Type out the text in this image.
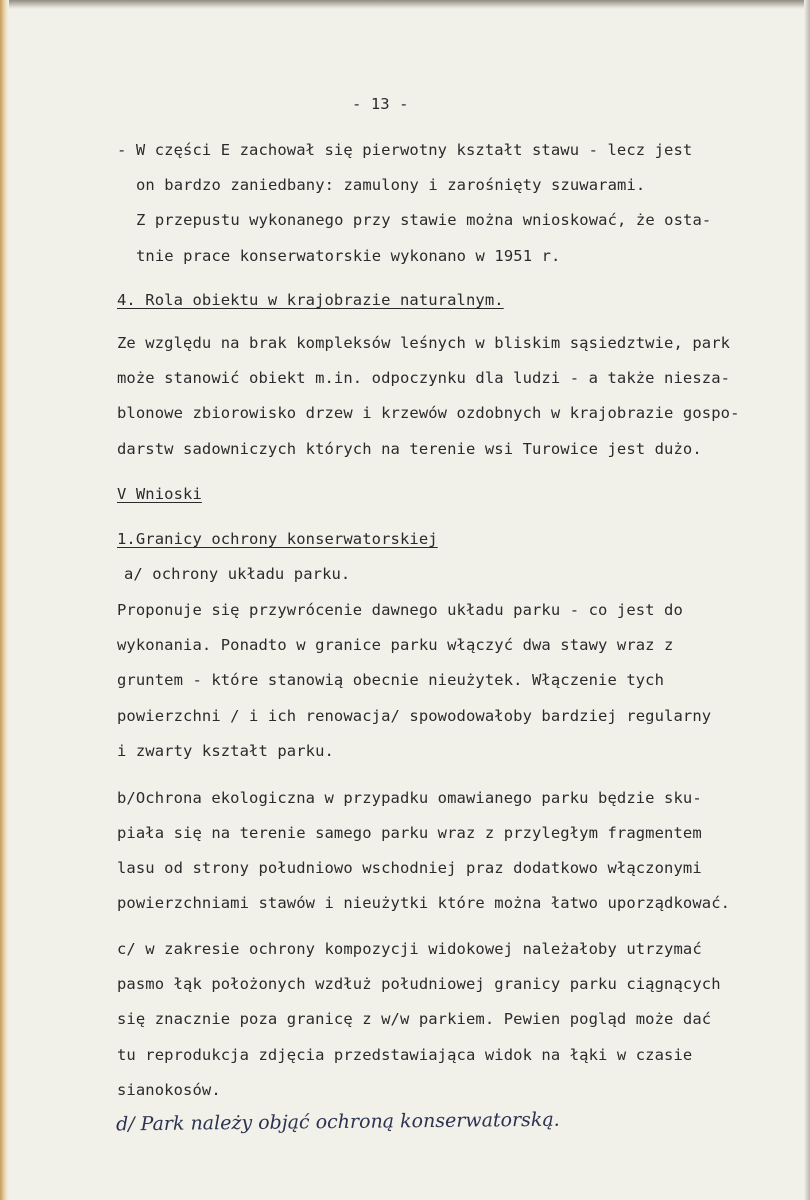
- 13 -
- W części E zachował się pierwotny kształt stawu - lecz jest
on bardzo zaniedbany: zamulony i zarośnięty szuwarami.
Z przepustu wykonanego przy stawie można wnioskować, że osta-
tnie prace konserwatorskie wykonano w 1951 r.
4. Rola obiektu w krajobrazie naturalnym.
Ze względu na brak kompleksów leśnych w bliskim sąsiedztwie, park
może stanowić obiekt m.in. odpoczynku dla ludzi - a także niesza-
blonowe zbiorowisko drzew i krzewów ozdobnych w krajobrazie gospo-
darstw sadowniczych których na terenie wsi Turowice jest dużo.
V Wnioski
1.Granicy ochrony konserwatorskiej
a/ ochrony układu parku.
Proponuje się przywrócenie dawnego układu parku - co jest do
wykonania. Ponadto w granice parku włączyć dwa stawy wraz z
gruntem - które stanowią obecnie nieużytek. Włączenie tych
powierzchni / i ich renowacja/ spowodowałoby bardziej regularny
i zwarty kształt parku.
b/Ochrona ekologiczna w przypadku omawianego parku będzie sku-
piała się na terenie samego parku wraz z przyległym fragmentem
lasu od strony południowo wschodniej praz dodatkowo włączonymi
powierzchniami stawów i nieużytki które można łatwo uporządkować.
c/ w zakresie ochrony kompozycji widokowej należałoby utrzymać
pasmo łąk położonych wzdłuż południowej granicy parku ciągnących
się znacznie poza granicę z w/w parkiem. Pewien pogląd może dać
tu reprodukcja zdjęcia przedstawiająca widok na łąki w czasie
sianokosów.
d/ Park należy objąć ochroną konserwatorską.
